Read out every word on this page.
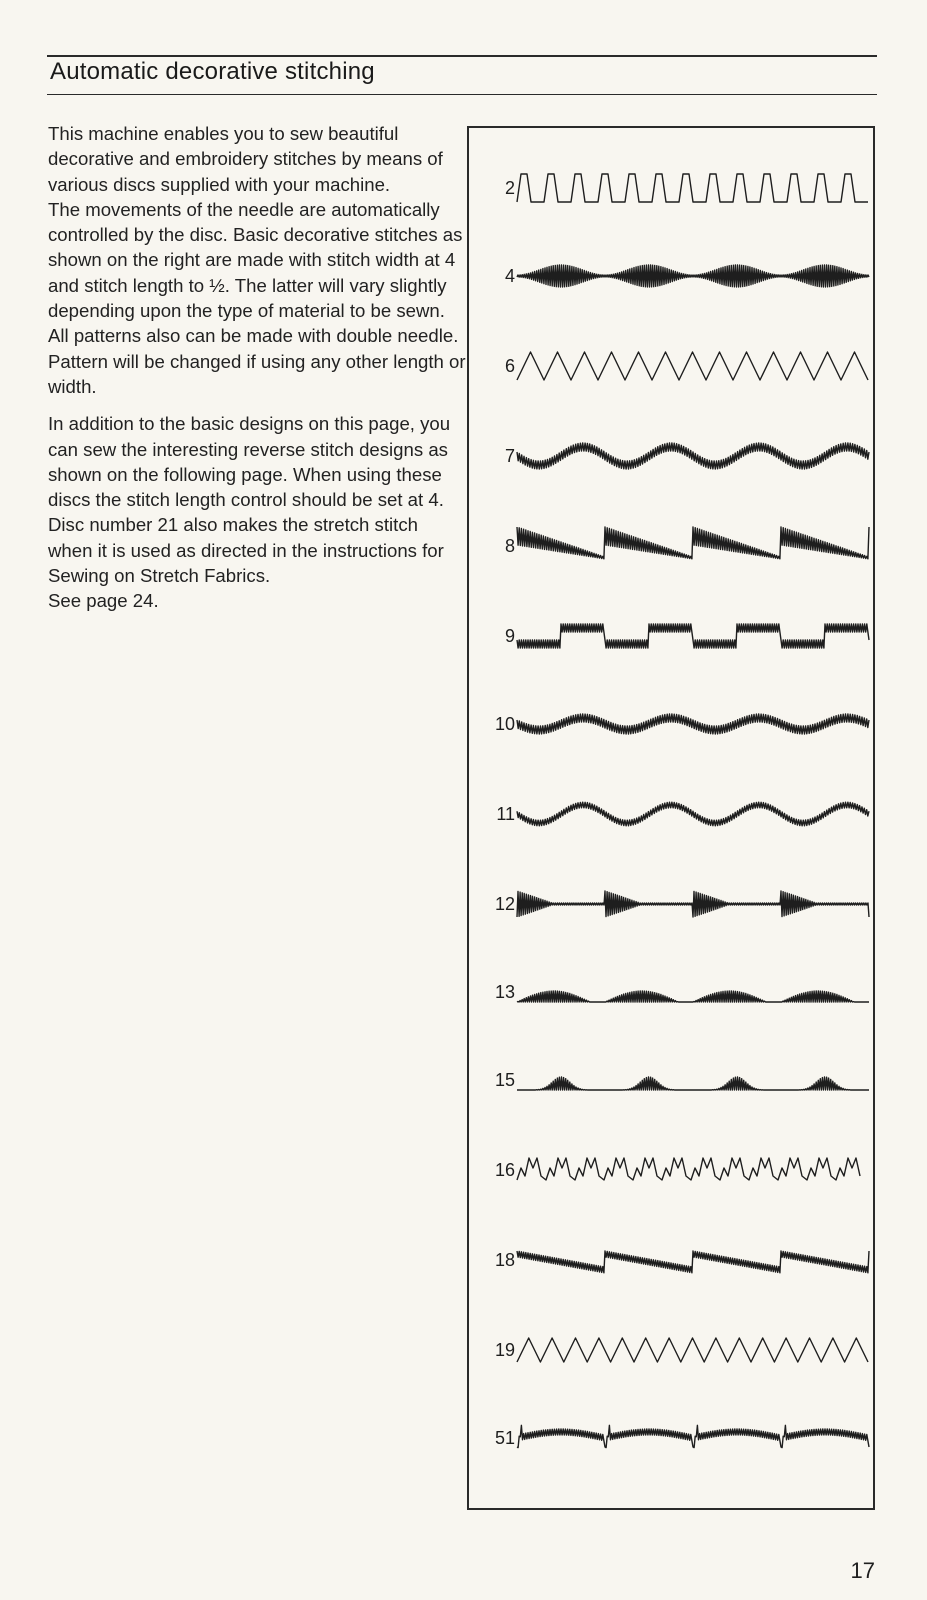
Automatic decorative stitching

This machine enables you to sew beautiful decorative and embroidery stitches by means of various discs supplied with your machine.

The movements of the needle are automatically controlled by the disc. Basic decorative stitches as shown on the right are made with stitch width at 4 and stitch length to ½. The latter will vary slightly depending upon the type of material to be sewn. All patterns also can be made with double needle.

Pattern will be changed if using any other length or width.

In addition to the basic designs on this page, you can sew the interesting reverse stitch designs as shown on the following page. When using these discs the stitch length control should be set at 4. Disc number 21 also makes the stretch stitch when it is used as directed in the instructions for Sewing on Stretch Fabrics.

See page 24.

2
4
6
7
8
9
10
11
12
13
15
16
18
19
51
17
